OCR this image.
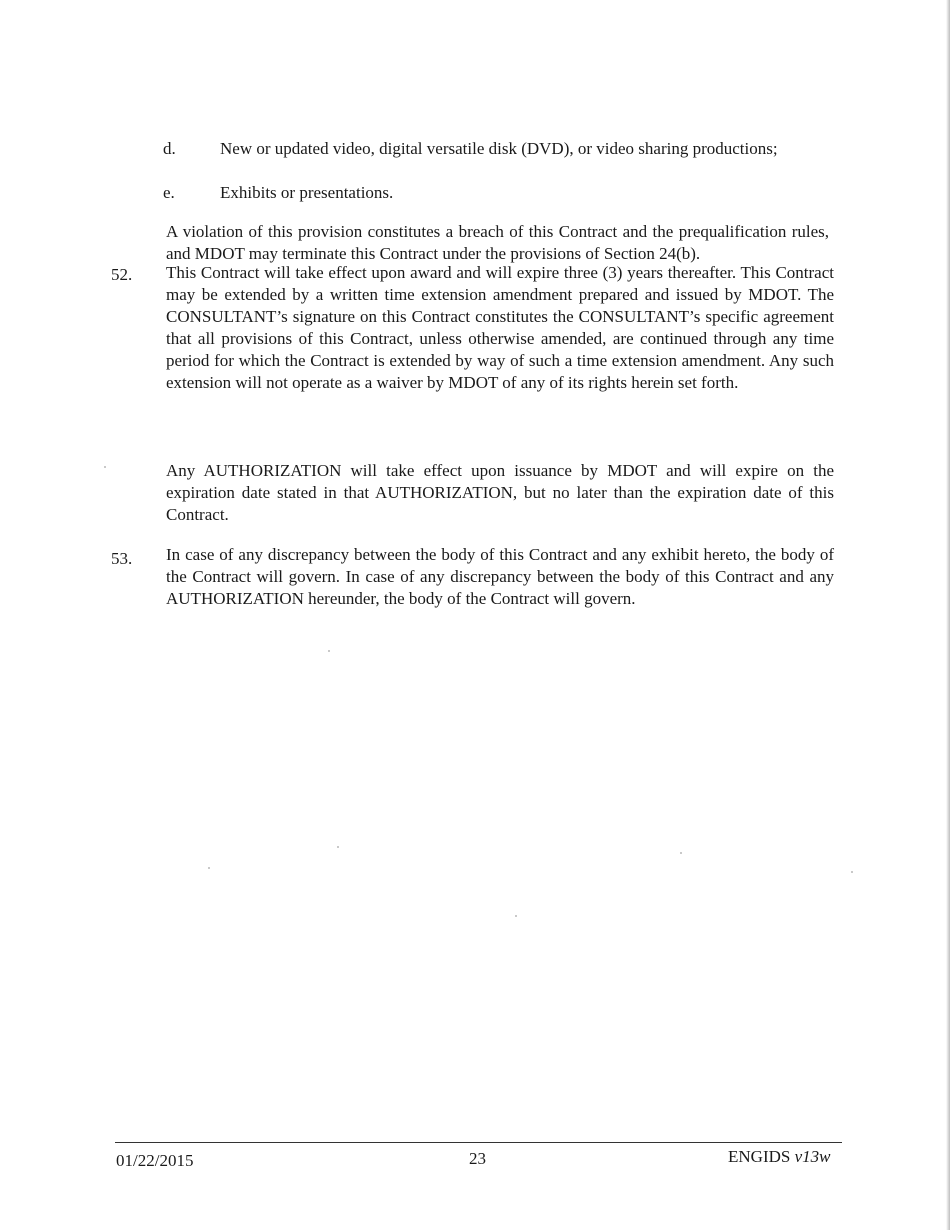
d.	New or updated video, digital versatile disk (DVD), or video sharing productions;
e.	Exhibits or presentations.
A violation of this provision constitutes a breach of this Contract and the prequalification rules, and MDOT may terminate this Contract under the provisions of Section 24(b).
52. This Contract will take effect upon award and will expire three (3) years thereafter. This Contract may be extended by a written time extension amendment prepared and issued by MDOT. The CONSULTANT’s signature on this Contract constitutes the CONSULTANT’s specific agreement that all provisions of this Contract, unless otherwise amended, are continued through any time period for which the Contract is extended by way of such a time extension amendment. Any such extension will not operate as a waiver by MDOT of any of its rights herein set forth.
Any AUTHORIZATION will take effect upon issuance by MDOT and will expire on the expiration date stated in that AUTHORIZATION, but no later than the expiration date of this Contract.
53. In case of any discrepancy between the body of this Contract and any exhibit hereto, the body of the Contract will govern. In case of any discrepancy between the body of this Contract and any AUTHORIZATION hereunder, the body of the Contract will govern.
01/22/2015	23	ENGIDS v13w
